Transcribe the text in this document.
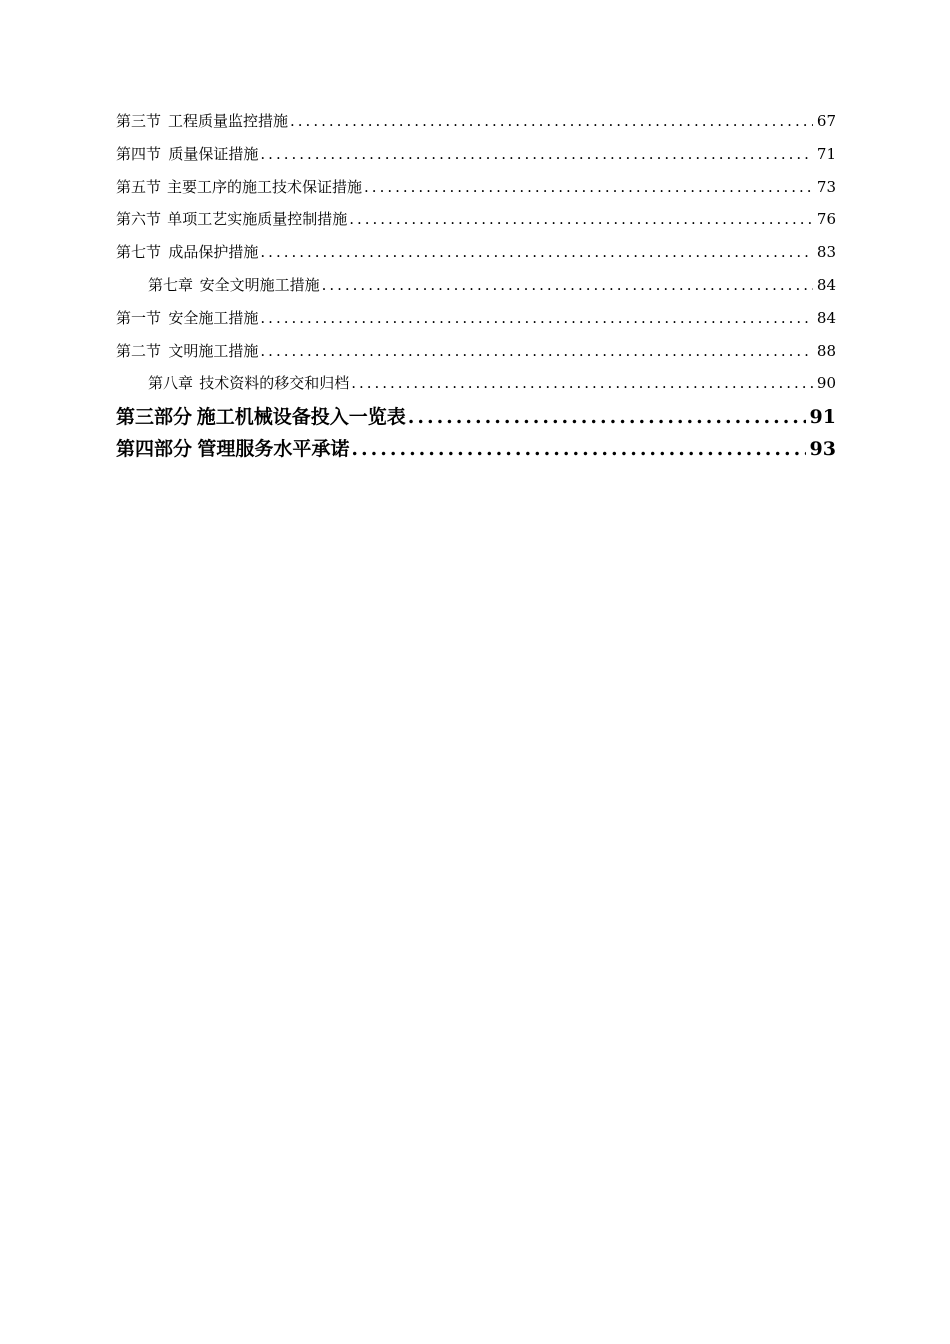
第三节 工程质量监控措施 .....	67
第四节 质量保证措施 .....	71
第五节 主要工序的施工技术保证措施 .....	73
第六节 单项工艺实施质量控制措施 .....	76
第七节 成品保护措施 .....	83
第七章 安全文明施工措施 .....	84
第一节 安全施工措施 .....	84
第二节 文明施工措施 .....	88
第八章 技术资料的移交和归档 .....	90
第三部分 施工机械设备投入一览表 .....	91
第四部分 管理服务水平承诺 .....	93
